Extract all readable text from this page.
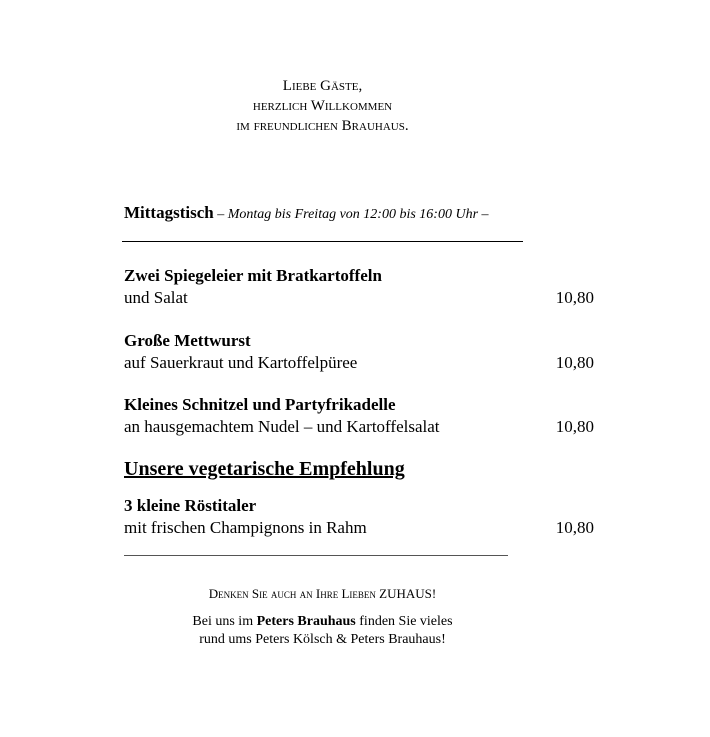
Liebe Gäste,
herzlich Willkommen
im freundlichen Brauhaus.
Mittagstisch – Montag bis Freitag von 12:00 bis 16:00 Uhr –
Zwei Spiegeleier mit Bratkartoffeln
und Salat	10,80
Große Mettwurst
auf Sauerkraut und Kartoffelpüree	10,80
Kleines Schnitzel und Partyfrikadelle
an hausgemachtem Nudel – und Kartoffelsalat	10,80
Unsere vegetarische Empfehlung
3 kleine Röstitaler
mit frischen Champignons in Rahm	10,80
Denken Sie auch an Ihre Lieben ZUHAUS!
Bei uns im Peters Brauhaus finden Sie vieles
rund ums Peters Kölsch & Peters Brauhaus!
